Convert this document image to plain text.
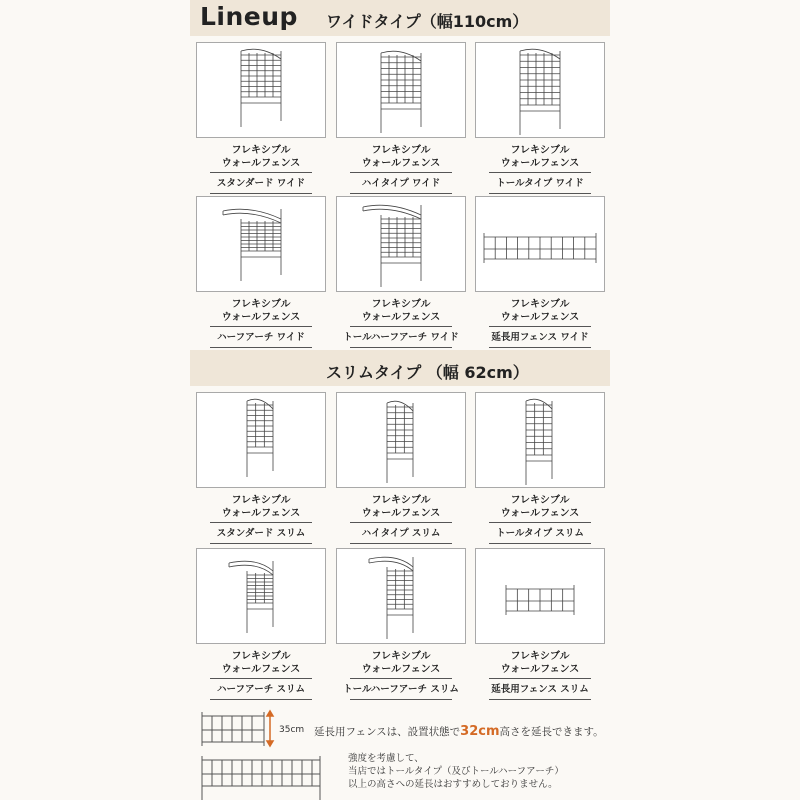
Lineup ワイドタイプ（幅110cm）
スリムタイプ （幅 62cm）
フレキシブル
ウォールフェンス
スタンダード ワイド
フレキシブル
ウォールフェンス
ハイタイプ ワイド
フレキシブル
ウォールフェンス
トールタイプ ワイド
フレキシブル
ウォールフェンス
ハーフアーチ ワイド
フレキシブル
ウォールフェンス
トールハーフアーチ ワイド
フレキシブル
ウォールフェンス
延長用フェンス ワイド
フレキシブル
ウォールフェンス
スタンダード スリム
フレキシブル
ウォールフェンス
ハイタイプ スリム
フレキシブル
ウォールフェンス
トールタイプ スリム
フレキシブル
ウォールフェンス
ハーフアーチ スリム
フレキシブル
ウォールフェンス
トールハーフアーチ スリム
フレキシブル
ウォールフェンス
延長用フェンス スリム
35cm 延長用フェンスは、設置状態で32cm高さを延長できます。
強度を考慮して、
当店ではトールタイプ（及びトールハーフアーチ）
以上の高さへの延長はおすすめしておりません。
